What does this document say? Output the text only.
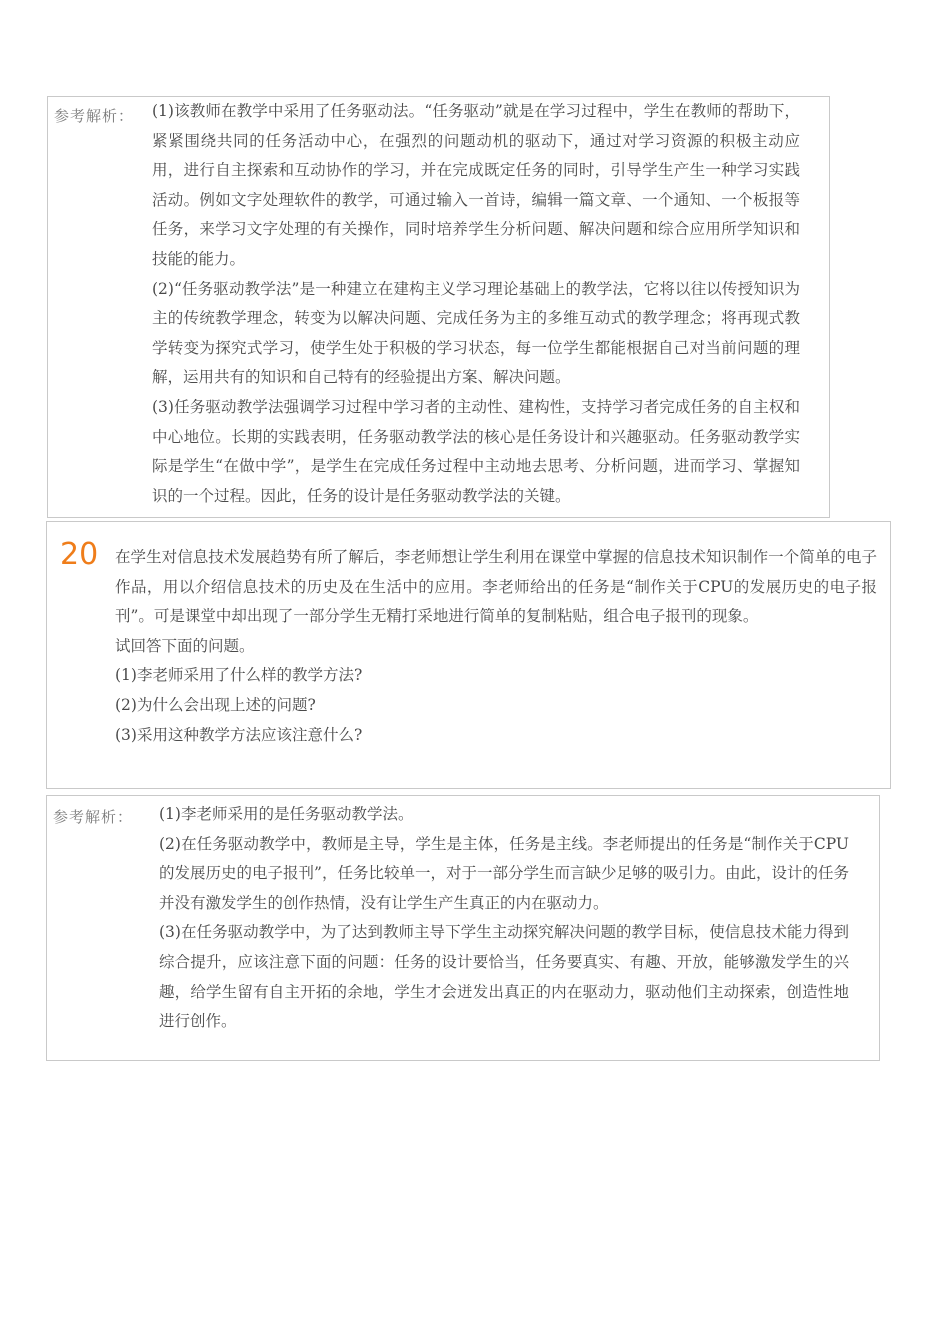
参考解析： (1)该教师在教学中采用了任务驱动法。“任务驱动”就是在学习过程中，学生在教师的帮助下，紧紧围绕共同的任务活动中心，在强烈的问题动机的驱动下，通过对学习资源的积极主动应用，进行自主探索和互动协作的学习，并在完成既定任务的同时，引导学生产生一种学习实践活动。例如文字处理软件的教学，可通过输入一首诗，编辑一篇文章、一个通知、一个板报等任务，来学习文字处理的有关操作，同时培养学生分析问题、解决问题和综合应用所学知识和技能的能力。

(2)“任务驱动教学法”是一种建立在建构主义学习理论基础上的教学法，它将以往以传授知识为主的传统教学理念，转变为以解决问题、完成任务为主的多维互动式的教学理念；将再现式教学转变为探究式学习，使学生处于积极的学习状态，每一位学生都能根据自己对当前问题的理解，运用共有的知识和自己特有的经验提出方案、解决问题。

(3)任务驱动教学法强调学习过程中学习者的主动性、建构性，支持学习者完成任务的自主权和中心地位。长期的实践表明，任务驱动教学法的核心是任务设计和兴趣驱动。任务驱动教学实际是学生“在做中学”，是学生在完成任务过程中主动地去思考、分析问题，进而学习、掌握知识的一个过程。因此，任务的设计是任务驱动教学法的关键。

20 在学生对信息技术发展趋势有所了解后，李老师想让学生利用在课堂中掌握的信息技术知识制作一个简单的电子作品，用以介绍信息技术的历史及在生活中的应用。李老师给出的任务是“制作关于CPU的发展历史的电子报刊”。可是课堂中却出现了一部分学生无精打采地进行简单的复制粘贴，组合电子报刊的现象。

试回答下面的问题。

(1)李老师采用了什么样的教学方法?

(2)为什么会出现上述的问题?

(3)采用这种教学方法应该注意什么?

参考解析： (1)李老师采用的是任务驱动教学法。

(2)在任务驱动教学中，教师是主导，学生是主体，任务是主线。李老师提出的任务是“制作关于CPU的发展历史的电子报刊”，任务比较单一，对于一部分学生而言缺少足够的吸引力。由此，设计的任务并没有激发学生的创作热情，没有让学生产生真正的内在驱动力。

(3)在任务驱动教学中，为了达到教师主导下学生主动探究解决问题的教学目标，使信息技术能力得到综合提升，应该注意下面的问题：任务的设计要恰当，任务要真实、有趣、开放，能够激发学生的兴趣，给学生留有自主开拓的余地，学生才会迸发出真正的内在驱动力，驱动他们主动探索，创造性地进行创作。
